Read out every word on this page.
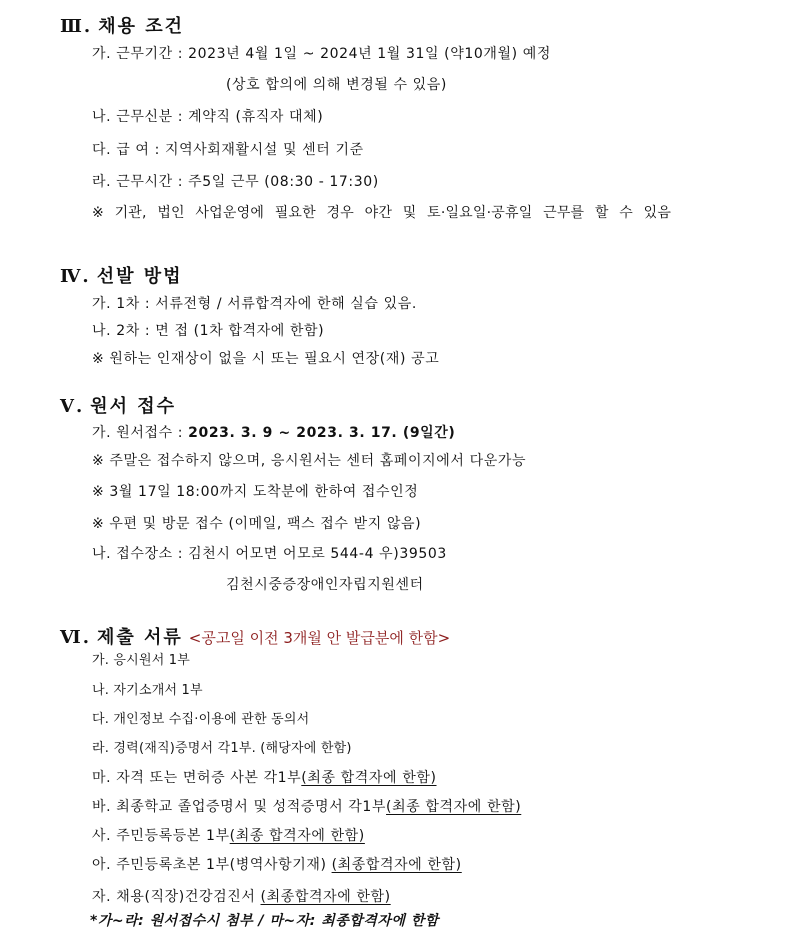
Ⅲ. 채용 조건
가. 근무기간 : 2023년 4월 1일 ~ 2024년 1월 31일 (약10개월) 예정
(상호 합의에 의해 변경될 수 있음)
나. 근무신분 : 계약직 (휴직자 대체)
다. 급 여 : 지역사회재활시설 및 센터 기준
라. 근무시간 : 주5일 근무 (08:30 - 17:30)
※ 기관, 법인 사업운영에 필요한 경우 야간 및 토·일요일·공휴일 근무를 할 수 있음
Ⅳ. 선발 방법
가. 1차 : 서류전형 / 서류합격자에 한해 실습 있음.
나. 2차 : 면 접 (1차 합격자에 한함)
※ 원하는 인재상이 없을 시 또는 필요시 연장(재) 공고
Ⅴ. 원서 접수
가. 원서접수 : 2023. 3. 9 ~ 2023. 3. 17. (9일간)
※ 주말은 접수하지 않으며, 응시원서는 센터 홈페이지에서 다운가능
※ 3월 17일 18:00까지 도착분에 한하여 접수인정
※ 우편 및 방문 접수 (이메일, 팩스 접수 받지 않음)
나. 접수장소 : 김천시 어모면 어모로 544-4 우)39503
김천시중증장애인자립지원센터
Ⅵ. 제출 서류 <공고일 이전 3개월 안 발급분에 한함>
가. 응시원서 1부
나. 자기소개서 1부
다. 개인정보 수집·이용에 관한 동의서
라. 경력(재직)증명서 각1부. (해당자에 한함)
마. 자격 또는 면허증 사본 각1부(최종 합격자에 한함)
바. 최종학교 졸업증명서 및 성적증명서 각1부(최종 합격자에 한함)
사. 주민등록등본 1부(최종 합격자에 한함)
아. 주민등록초본 1부(병역사항기재) (최종합격자에 한함)
자. 채용(직장)건강검진서 (최종합격자에 한함)
*가~라: 원서접수시 첨부 / 마~자: 최종합격자에 한함
